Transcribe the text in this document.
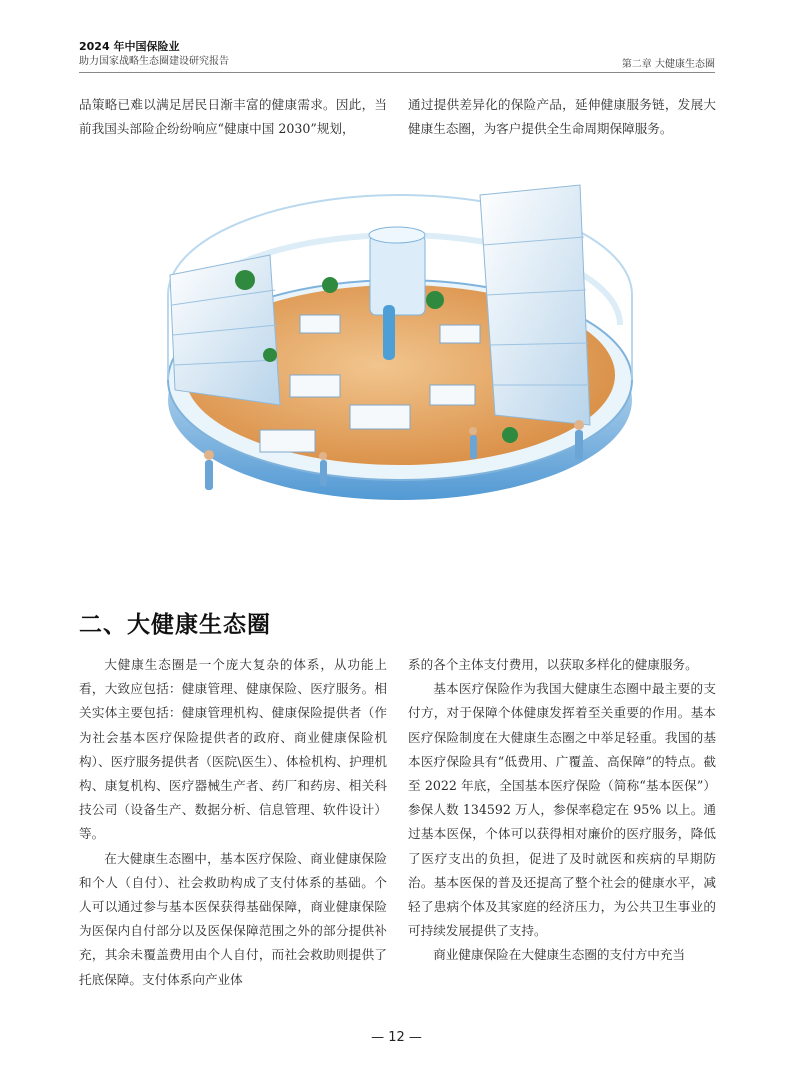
2024 年中国保险业
助力国家战略生态圈建设研究报告	第二章 大健康生态圈

品策略已难以满足居民日渐丰富的健康需求。因此，当前我国头部险企纷纷响应“健康中国 2030”规划，

通过提供差异化的保险产品，延伸健康服务链，发展大健康生态圈，为客户提供全生命周期保障服务。

二、大健康生态圈

大健康生态圈是一个庞大复杂的体系，从功能上看，大致应包括：健康管理、健康保险、医疗服务。相关实体主要包括：健康管理机构、健康保险提供者（作为社会基本医疗保险提供者的政府、商业健康保险机构）、医疗服务提供者（医院\医生）、体检机构、护理机构、康复机构、医疗器械生产者、药厂和药房、相关科技公司（设备生产、数据分析、信息管理、软件设计）等。

在大健康生态圈中，基本医疗保险、商业健康保险和个人（自付）、社会救助构成了支付体系的基础。个人可以通过参与基本医保获得基础保障，商业健康保险为医保内自付部分以及医保保障范围之外的部分提供补充，其余未覆盖费用由个人自付，而社会救助则提供了托底保障。支付体系向产业体

系的各个主体支付费用，以获取多样化的健康服务。

基本医疗保险作为我国大健康生态圈中最主要的支付方，对于保障个体健康发挥着至关重要的作用。基本医疗保险制度在大健康生态圈之中举足轻重。我国的基本医疗保险具有“低费用、广覆盖、高保障”的特点。截至 2022 年底，全国基本医疗保险（简称“基本医保”）参保人数 134592 万人，参保率稳定在 95% 以上。通过基本医保，个体可以获得相对廉价的医疗服务，降低了医疗支出的负担，促进了及时就医和疾病的早期防治。基本医保的普及还提高了整个社会的健康水平，减轻了患病个体及其家庭的经济压力，为公共卫生事业的可持续发展提供了支持。

商业健康保险在大健康生态圈的支付方中充当

— 12 —
